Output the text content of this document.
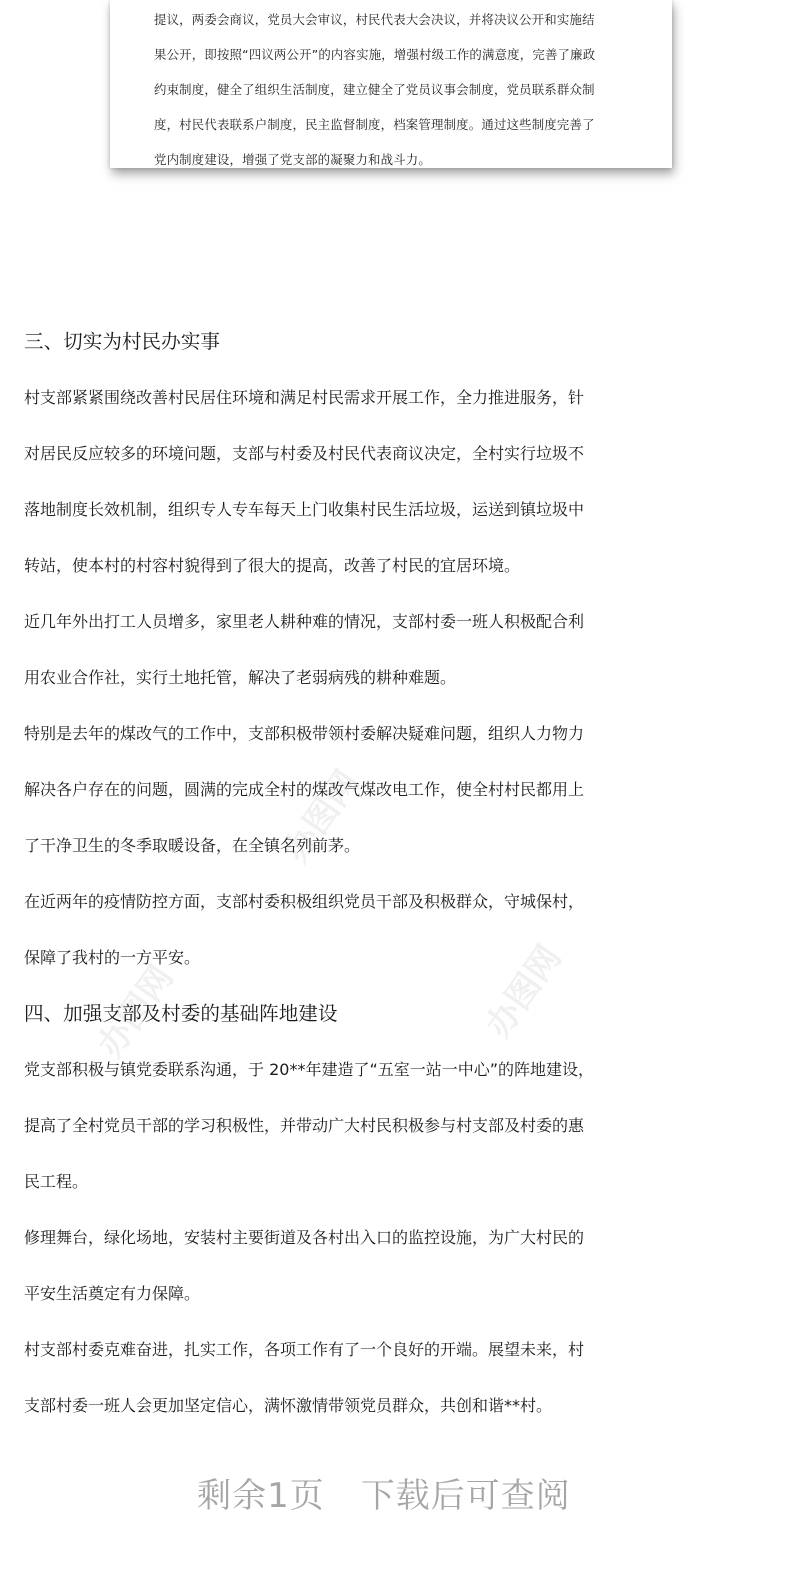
提议，两委会商议，党员大会审议，村民代表大会决议，并将决议公开和实施结
果公开，即按照“四议两公开”的内容实施，增强村级工作的满意度，完善了廉政
约束制度，健全了组织生活制度，建立健全了党员议事会制度，党员联系群众制
度，村民代表联系户制度，民主监督制度，档案管理制度。通过这些制度完善了
党内制度建设，增强了党支部的凝聚力和战斗力。
办图网
办图网	办图网
三、切实为村民办实事
村支部紧紧围绕改善村民居住环境和满足村民需求开展工作，全力推进服务，针
对居民反应较多的环境问题，支部与村委及村民代表商议决定，全村实行垃圾不
落地制度长效机制，组织专人专车每天上门收集村民生活垃圾，运送到镇垃圾中
转站，使本村的村容村貌得到了很大的提高，改善了村民的宜居环境。
近几年外出打工人员增多，家里老人耕种难的情况，支部村委一班人积极配合利
用农业合作社，实行土地托管，解决了老弱病残的耕种难题。
特别是去年的煤改气的工作中，支部积极带领村委解决疑难问题，组织人力物力
解决各户存在的问题，圆满的完成全村的煤改气煤改电工作，使全村村民都用上
了干净卫生的冬季取暖设备，在全镇名列前茅。
在近两年的疫情防控方面，支部村委积极组织党员干部及积极群众，守城保村，
保障了我村的一方平安。
四、加强支部及村委的基础阵地建设
党支部积极与镇党委联系沟通，于 20**年建造了“五室一站一中心”的阵地建设，
提高了全村党员干部的学习积极性，并带动广大村民积极参与村支部及村委的惠
民工程。
修理舞台，绿化场地，安装村主要街道及各村出入口的监控设施，为广大村民的
平安生活奠定有力保障。
村支部村委克难奋进，扎实工作，各项工作有了一个良好的开端。展望未来，村
支部村委一班人会更加坚定信心，满怀激情带领党员群众，共创和谐**村。
剩余1页 下载后可查阅
